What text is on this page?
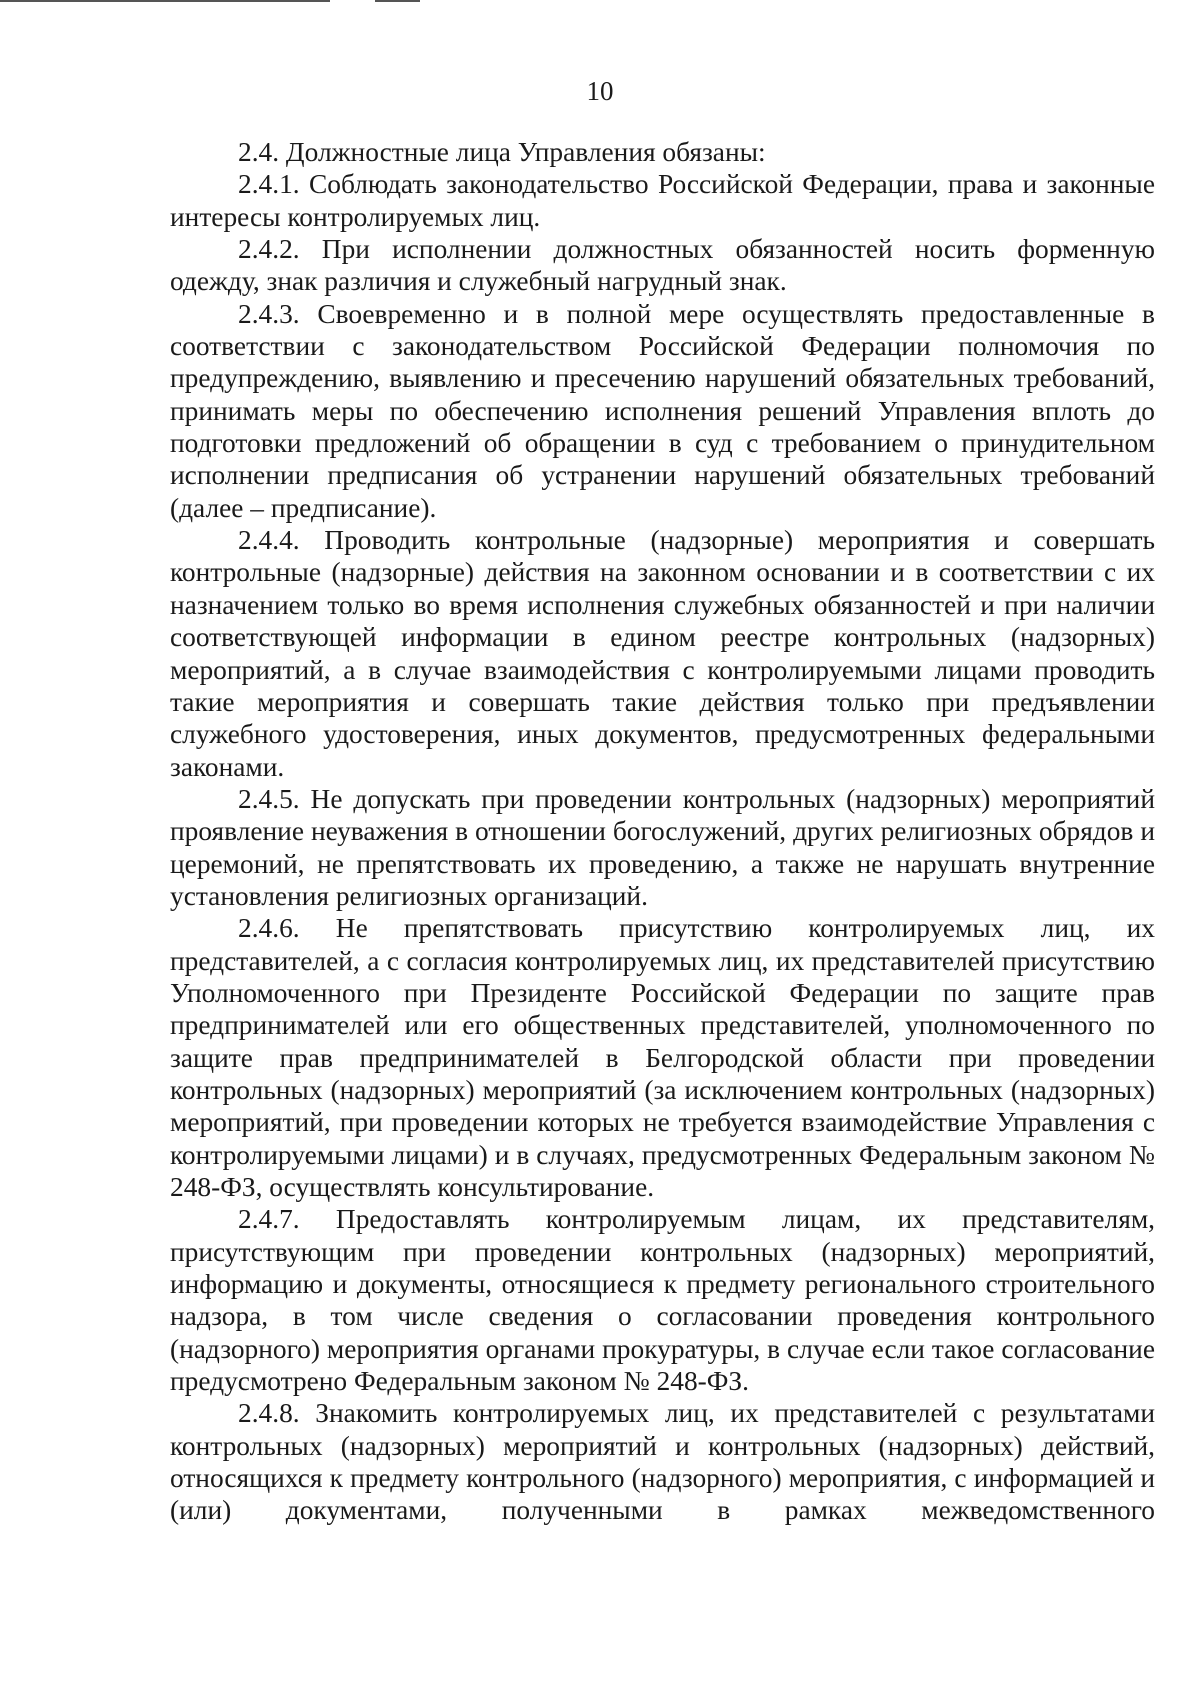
10

2.4. Должностные лица Управления обязаны:

2.4.1. Соблюдать законодательство Российской Федерации, права и законные интересы контролируемых лиц.

2.4.2. При исполнении должностных обязанностей носить форменную одежду, знак различия и служебный нагрудный знак.

2.4.3. Своевременно и в полной мере осуществлять предоставленные в соответствии с законодательством Российской Федерации полномочия по предупреждению, выявлению и пресечению нарушений обязательных требований, принимать меры по обеспечению исполнения решений Управления вплоть до подготовки предложений об обращении в суд с требованием о принудительном исполнении предписания об устранении нарушений обязательных требований (далее – предписание).

2.4.4. Проводить контрольные (надзорные) мероприятия и совершать контрольные (надзорные) действия на законном основании и в соответствии с их назначением только во время исполнения служебных обязанностей и при наличии соответствующей информации в едином реестре контрольных (надзорных) мероприятий, а в случае взаимодействия с контролируемыми лицами проводить такие мероприятия и совершать такие действия только при предъявлении служебного удостоверения, иных документов, предусмотренных федеральными законами.

2.4.5. Не допускать при проведении контрольных (надзорных) мероприятий проявление неуважения в отношении богослужений, других религиозных обрядов и церемоний, не препятствовать их проведению, а также не нарушать внутренние установления религиозных организаций.

2.4.6. Не препятствовать присутствию контролируемых лиц, их представителей, а с согласия контролируемых лиц, их представителей присутствию Уполномоченного при Президенте Российской Федерации по защите прав предпринимателей или его общественных представителей, уполномоченного по защите прав предпринимателей в Белгородской области при проведении контрольных (надзорных) мероприятий (за исключением контрольных (надзорных) мероприятий, при проведении которых не требуется взаимодействие Управления с контролируемыми лицами) и в случаях, предусмотренных Федеральным законом № 248-ФЗ, осуществлять консультирование.

2.4.7. Предоставлять контролируемым лицам, их представителям, присутствующим при проведении контрольных (надзорных) мероприятий, информацию и документы, относящиеся к предмету регионального строительного надзора, в том числе сведения о согласовании проведения контрольного (надзорного) мероприятия органами прокуратуры, в случае если такое согласование предусмотрено Федеральным законом № 248-ФЗ.

2.4.8. Знакомить контролируемых лиц, их представителей с результатами контрольных (надзорных) мероприятий и контрольных (надзорных) действий, относящихся к предмету контрольного (надзорного) мероприятия, с информацией и (или) документами, полученными в рамках межведомственного
